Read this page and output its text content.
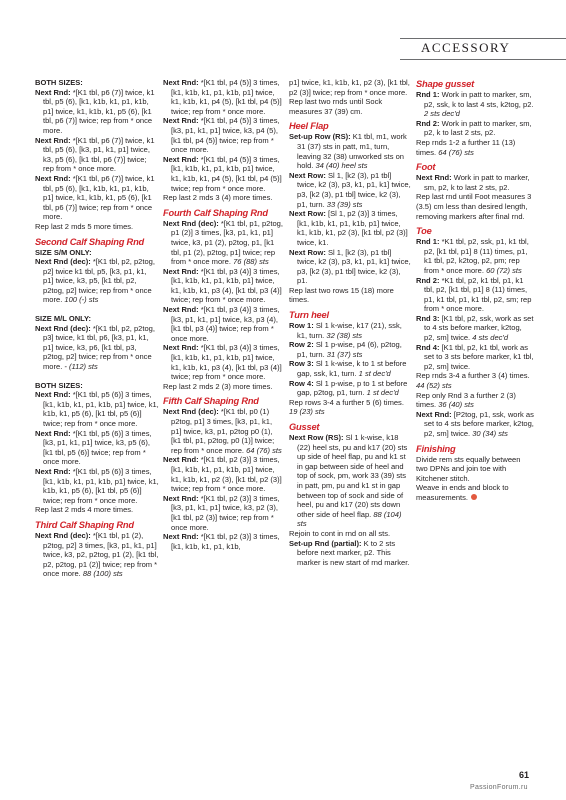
ACCESSORY
BOTH SIZES:
Next Rnd: *[K1 tbl, p6 (7)] twice, k1 tbl, p5 (6), [k1, k1b, k1, p1, k1b, p1] twice, k1, k1b, k1, p5 (6), [k1 tbl, p6 (7)] twice; rep from * once more.
Next Rnd: *[K1 tbl, p6 (7)] twice, k1 tbl, p5 (6), [k3, p1, k1, p1] twice, k3, p5 (6), [k1 tbl, p6 (7)] twice; rep from * once more.
Next Rnd: *[K1 tbl, p6 (7)] twice, k1 tbl, p5 (6), [k1, k1b, k1, p1, k1b, p1] twice, k1, k1b, k1, p5 (6), [k1 tbl, p6 (7)] twice; rep from * once more.
Rep last 2 mds 5 more times.
Second Calf Shaping Rnd
SIZE S/M ONLY:
Next Rnd (dec): *[K1 tbl, p2, p2tog, p2] twice k1 tbl, p5, [k3, p1, k1, p1] twice, k3, p5, [k1 tbl, p2, p2tog, p2] twice; rep from * once more. 100 (-) sts
SIZE M/L ONLY:
Next Rnd (dec): *[K1 tbl, p2, p2tog, p3] twice, k1 tbl, p6, [k3, p1, k1, p1] twice, k3, p6, [k1 tbl, p3, p2tog, p2] twice; rep from * once more. - (112) sts
BOTH SIZES:
Next Rnd: *[K1 tbl, p5 (6)] 3 times, [k1, k1b, k1, p1, k1b, p1] twice, k1, k1b, k1, p5 (6), [k1 tbl, p5 (6)] twice; rep from * once more.
Next Rnd: *[K1 tbl, p5 (6)] 3 times, [k3, p1, k1, p1] twice, k3, p5 (6), [k1 tbl, p5 (6)] twice; rep from * once more.
Next Rnd: *[K1 tbl, p5 (6)] 3 times, [k1, k1b, k1, p1, k1b, p1] twice, k1, k1b, k1, p5 (6), [k1 tbl, p5 (6)] twice; rep from * once more.
Rep last 2 mds 4 more times.
Third Calf Shaping Rnd
Next Rnd (dec): *[K1 tbl, p1 (2), p2tog, p2] 3 times, [k3, p1, k1, p1] twice, k3, p2, p2tog, p1 (2), [k1 tbl, p2, p2tog, p1 (2)] twice; rep from * once more. 88 (100) sts
Next Rnd: *[K1 tbl, p4 (5)] 3 times, [k1, k1b, k1, p1, k1b, p1] twice, k1, k1b, k1, p4 (5), [k1 tbl, p4 (5)] twice; rep from * once more.
Next Rnd: *[K1 tbl, p4 (5)] 3 times, [k3, p1, k1, p1] twice, k3, p4 (5), [k1 tbl, p4 (5)] twice; rep from * once more.
Next Rnd: *[K1 tbl, p4 (5)] 3 times, [k1, k1b, k1, p1, k1b, p1] twice, k1, k1b, k1, p4 (5), [k1 tbl, p4 (5)] twice; rep from * once more.
Rep last 2 mds 3 (4) more times.
Fourth Calf Shaping Rnd
Next Rnd (dec): *[K1 tbl, p1, p2tog, p1 (2)] 3 times, [k3, p1, k1, p1] twice, k3, p1 (2), p2tog, p1, [k1 tbl, p1 (2), p2tog, p1] twice; rep from * once more. 76 (88) sts
Next Rnd: *[K1 tbl, p3 (4)] 3 times, [k1, k1b, k1, p1, k1b, p1] twice, k1, k1b, k1, p3 (4), [k1 tbl, p3 (4)] twice; rep from * once more.
Next Rnd: *[K1 tbl, p3 (4)] 3 times, [k3, p1, k1, p1] twice, k3, p3 (4), [k1 tbl, p3 (4)] twice; rep from * once more.
Next Rnd: *[K1 tbl, p3 (4)] 3 times, [k1, k1b, k1, p1, k1b, p1] twice, k1, k1b, k1, p3 (4), [k1 tbl, p3 (4)] twice; rep from * once more.
Rep last 2 mds 2 (3) more times.
Fifth Calf Shaping Rnd
Next Rnd (dec): *[K1 tbl, p0 (1) p2tog, p1] 3 times, [k3, p1, k1, p1] twice, k3, p1, p2tog p0 (1), [k1 tbl, p1, p2tog, p0 (1)] twice; rep from * once more. 64 (76) sts
Next Rnd: *[K1 tbl, p2 (3)] 3 times, [k1, k1b, k1, p1, k1b, p1] twice, k1, k1b, k1, p2 (3), [k1 tbl, p2 (3)] twice; rep from * once more.
Next Rnd: *[K1 tbl, p2 (3)] 3 times, [k3, p1, k1, p1] twice, k3, p2 (3), [k1 tbl, p2 (3)] twice; rep from * once more.
Next Rnd: *[K1 tbl, p2 (3)] 3 times, [k1, k1b, k1, p1, k1b,
p1] twice, k1, k1b, k1, p2 (3), [k1 tbl, p2 (3)] twice; rep from * once more.
Rep last two rnds until Sock measures 37 (39) cm.
Heel Flap
Set-up Row (RS): K1 tbl, m1, work 31 (37) sts in patt, m1, turn, leaving 32 (38) unworked sts on hold. 34 (40) heel sts
Next Row: Sl 1, [k2 (3), p1 tbl] twice, k2 (3), p3, k1, p1, k1] twice, p3, [k2 (3), p1 tbl] twice, k2 (3), p1, turn. 33 (39) sts
Next Row: [Sl 1, p2 (3)] 3 times, [k1, k1b, k1, p1, k1b, p1] twice, k1, k1b, k1, p2 (3), [k1 tbl, p2 (3)] twice, k1.
Next Row: Sl 1, [k2 (3), p1 tbl] twice, k2 (3), p3, k1, p1, k1] twice, p3, [k2 (3), p1 tbl] twice, k2 (3), p1.
Rep last two rows 15 (18) more times.
Turn heel
Row 1: Sl 1 k-wise, k17 (21), ssk, k1, turn. 32 (38) sts
Row 2: Sl 1 p-wise, p4 (6), p2tog, p1, turn. 31 (37) sts
Row 3: Sl 1 k-wise, k to 1 st before gap, ssk, k1, turn. 1 st dec'd
Row 4: Sl 1 p-wise, p to 1 st before gap, p2tog, p1, turn. 1 st dec'd
Rep rows 3-4 a further 5 (6) times. 19 (23) sts
Gusset
Next Row (RS): Sl 1 k-wise, k18 (22) heel sts, pu and k17 (20) sts up side of heel flap, pu and k1 st in gap between side of heel and top of sock, pm, work 33 (39) sts in patt, pm, pu and k1 st in gap between top of sock and side of heel, pu and k17 (20) sts down other side of heel flap. 88 (104) sts
Rejoin to cont in rnd on all sts.
Set-up Rnd (partial): K to 2 sts before next marker, p2. This marker is new start of rnd marker.
Shape gusset
Rnd 1: Work in patt to marker, sm, p2, ssk, k to last 4 sts, k2tog, p2. 2 sts dec'd
Rnd 2: Work in patt to marker, sm, p2, k to last 2 sts, p2.
Rep rnds 1-2 a further 11 (13) times. 64 (76) sts
Foot
Next Rnd: Work in patt to marker, sm, p2, k to last 2 sts, p2.
Rep last rnd until Foot measures 3 (3.5) cm less than desired length, removing markers after final rnd.
Toe
Rnd 1: *K1 tbl, p2, ssk, p1, k1 tbl, p2, [k1 tbl, p1] 8 (11) times, p1, k1 tbl, p2, k2tog, p2, pm; rep from * once more. 60 (72) sts
Rnd 2: *K1 tbl, p2, k1 tbl, p1, k1 tbl, p2, [k1 tbl, p1] 8 (11) times, p1, k1 tbl, p1, k1 tbl, p2, sm; rep from * once more.
Rnd 3: [K1 tbl, p2, ssk, work as set to 4 sts before marker, k2tog, p2, sm] twice. 4 sts dec'd
Rnd 4: [K1 tbl, p2, k1 tbl, work as set to 3 sts before marker, k1 tbl, p2, sm] twice.
Rep rnds 3-4 a further 3 (4) times. 44 (52) sts
Rep only Rnd 3 a further 2 (3) times. 36 (40) sts
Next Rnd: [P2tog, p1, ssk, work as set to 4 sts before marker, k2tog, p2, sm] twice. 30 (34) sts
Finishing
Divide rem sts equally between two DPNs and join toe with Kitchener stitch.
Weave in ends and block to measurements.
61
PassionForum.ru
